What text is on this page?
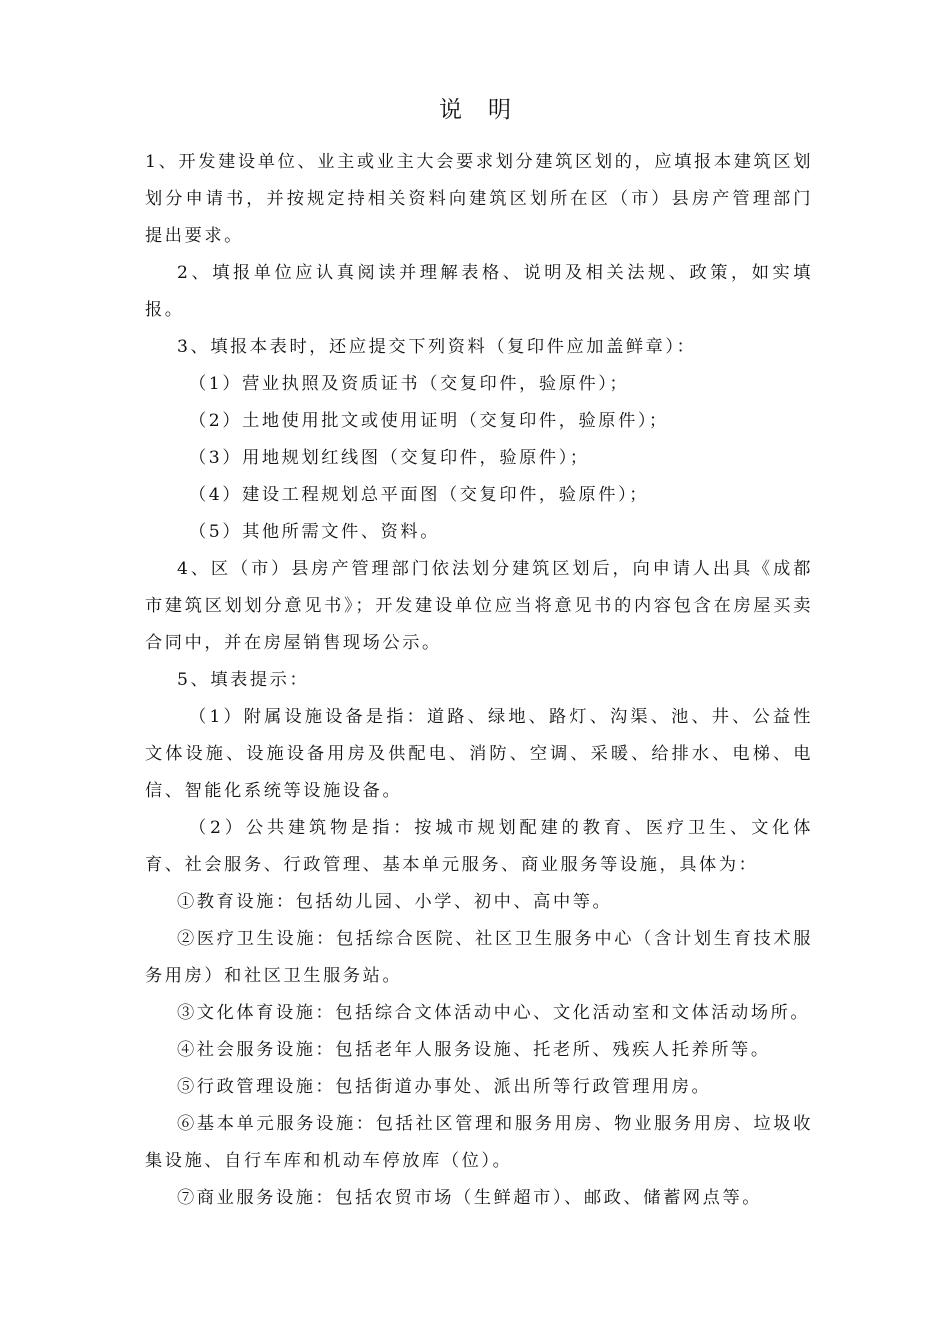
说明

1、开发建设单位、业主或业主大会要求划分建筑区划的，应填报本建筑区划划分申请书，并按规定持相关资料向建筑区划所在区（市）县房产管理部门提出要求。

2、填报单位应认真阅读并理解表格、说明及相关法规、政策，如实填报。

3、填报本表时，还应提交下列资料（复印件应加盖鲜章）：

（1）营业执照及资质证书（交复印件，验原件）；

（2）土地使用批文或使用证明（交复印件，验原件）；

（3）用地规划红线图（交复印件，验原件）；

（4）建设工程规划总平面图（交复印件，验原件）；

（5）其他所需文件、资料。

4、区（市）县房产管理部门依法划分建筑区划后，向申请人出具《成都市建筑区划划分意见书》；开发建设单位应当将意见书的内容包含在房屋买卖合同中，并在房屋销售现场公示。

5、填表提示：

（1）附属设施设备是指：道路、绿地、路灯、沟渠、池、井、公益性文体设施、设施设备用房及供配电、消防、空调、采暖、给排水、电梯、电信、智能化系统等设施设备。

（2）公共建筑物是指：按城市规划配建的教育、医疗卫生、文化体育、社会服务、行政管理、基本单元服务、商业服务等设施，具体为：

①教育设施：包括幼儿园、小学、初中、高中等。

②医疗卫生设施：包括综合医院、社区卫生服务中心（含计划生育技术服务用房）和社区卫生服务站。

③文化体育设施：包括综合文体活动中心、文化活动室和文体活动场所。

④社会服务设施：包括老年人服务设施、托老所、残疾人托养所等。

⑤行政管理设施：包括街道办事处、派出所等行政管理用房。

⑥基本单元服务设施：包括社区管理和服务用房、物业服务用房、垃圾收集设施、自行车库和机动车停放库（位）。

⑦商业服务设施：包括农贸市场（生鲜超市）、邮政、储蓄网点等。
